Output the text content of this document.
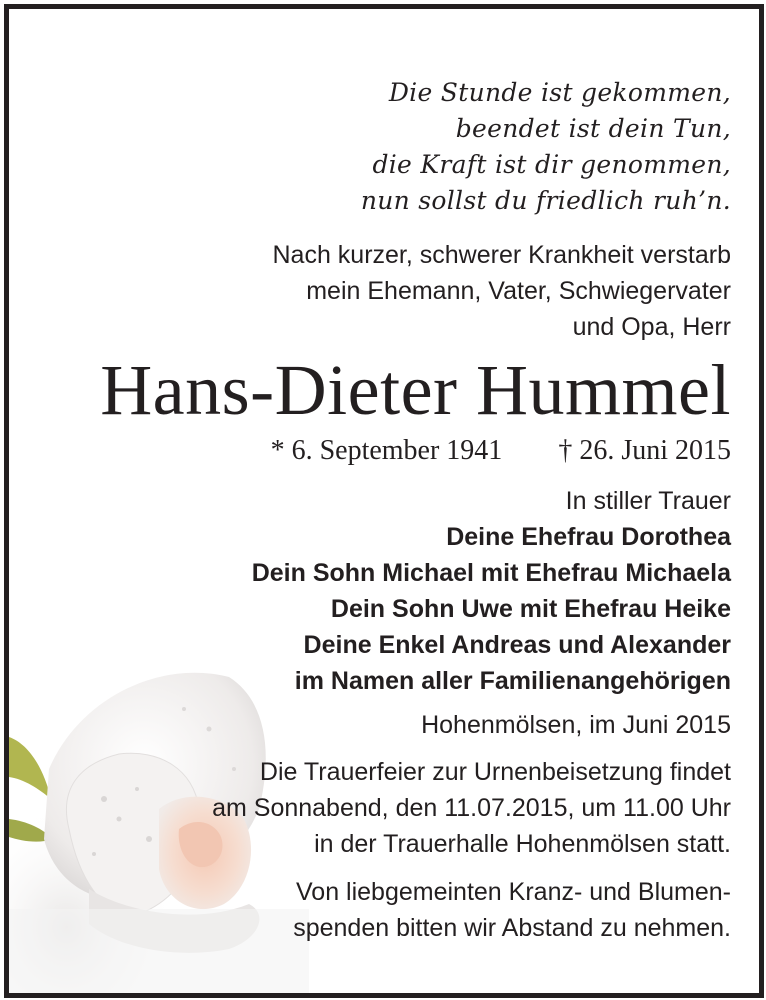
Die Stunde ist gekommen,
beendet ist dein Tun,
die Kraft ist dir genommen,
nun sollst du friedlich ruh’n.
Nach kurzer, schwerer Krankheit verstarb
mein Ehemann, Vater, Schwiegervater
und Opa, Herr
Hans-Dieter Hummel
* 6. September 1941 † 26. Juni 2015
In stiller Trauer
Deine Ehefrau Dorothea
Dein Sohn Michael mit Ehefrau Michaela
Dein Sohn Uwe mit Ehefrau Heike
Deine Enkel Andreas und Alexander
im Namen aller Familienangehörigen
Hohenmölsen, im Juni 2015
Die Trauerfeier zur Urnenbeisetzung findet
am Sonnabend, den 11.07.2015, um 11.00 Uhr
in der Trauerhalle Hohenmölsen statt.
Von liebgemeinten Kranz- und Blumen-
spenden bitten wir Abstand zu nehmen.
